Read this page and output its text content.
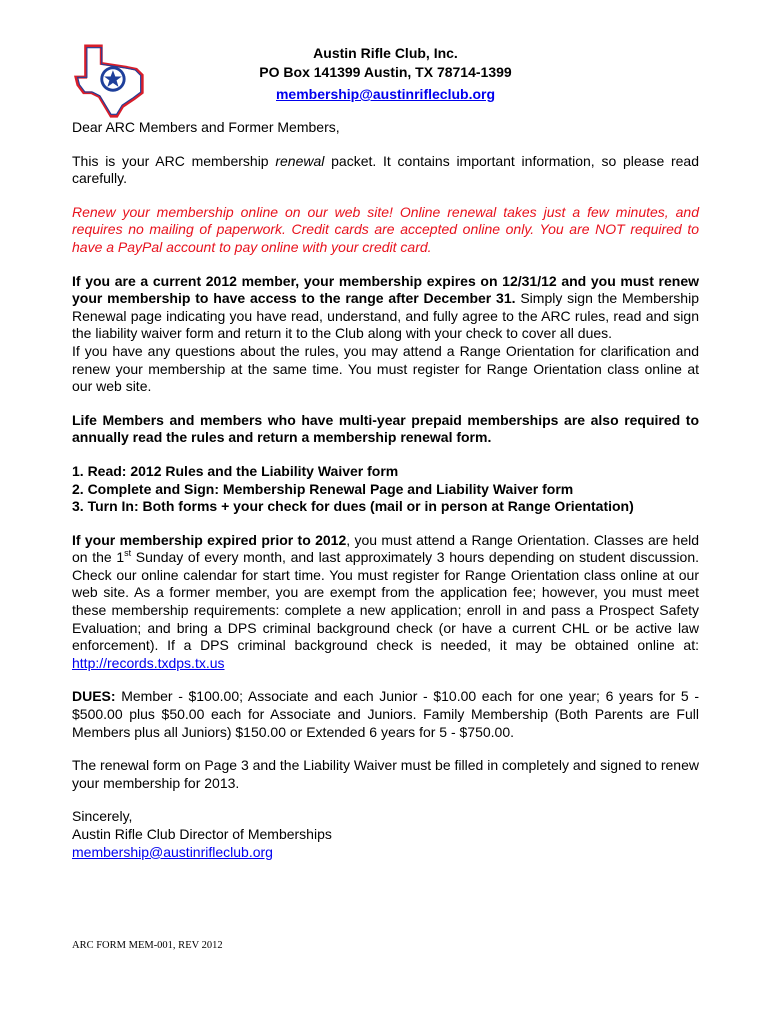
Austin Rifle Club, Inc.
PO Box 141399 Austin, TX 78714-1399
membership@austinrifleclub.org

Dear ARC Members and Former Members,

This is your ARC membership renewal packet. It contains important information, so please read carefully.

Renew your membership online on our web site! Online renewal takes just a few minutes, and requires no mailing of paperwork. Credit cards are accepted online only. You are NOT required to have a PayPal account to pay online with your credit card.

If you are a current 2012 member, your membership expires on 12/31/12 and you must renew your membership to have access to the range after December 31. Simply sign the Membership Renewal page indicating you have read, understand, and fully agree to the ARC rules, read and sign the liability waiver form and return it to the Club along with your check to cover all dues.

If you have any questions about the rules, you may attend a Range Orientation for clarification and renew your membership at the same time. You must register for Range Orientation class online at our web site.

Life Members and members who have multi-year prepaid memberships are also required to annually read the rules and return a membership renewal form.

1. Read: 2012 Rules and the Liability Waiver form
2. Complete and Sign: Membership Renewal Page and Liability Waiver form
3. Turn In: Both forms + your check for dues (mail or in person at Range Orientation)

If your membership expired prior to 2012, you must attend a Range Orientation. Classes are held on the 1st Sunday of every month, and last approximately 3 hours depending on student discussion. Check our online calendar for start time. You must register for Range Orientation class online at our web site. As a former member, you are exempt from the application fee; however, you must meet these membership requirements: complete a new application; enroll in and pass a Prospect Safety Evaluation; and bring a DPS criminal background check (or have a current CHL or be active law enforcement). If a DPS criminal background check is needed, it may be obtained online at: http://records.txdps.tx.us

DUES: Member - $100.00; Associate and each Junior - $10.00 each for one year; 6 years for 5 - $500.00 plus $50.00 each for Associate and Juniors. Family Membership (Both Parents are Full Members plus all Juniors) $150.00 or Extended 6 years for 5 - $750.00.

The renewal form on Page 3 and the Liability Waiver must be filled in completely and signed to renew your membership for 2013.

Sincerely,

Austin Rifle Club Director of Memberships

membership@austinrifleclub.org

ARC FORM MEM-001, REV 2012
